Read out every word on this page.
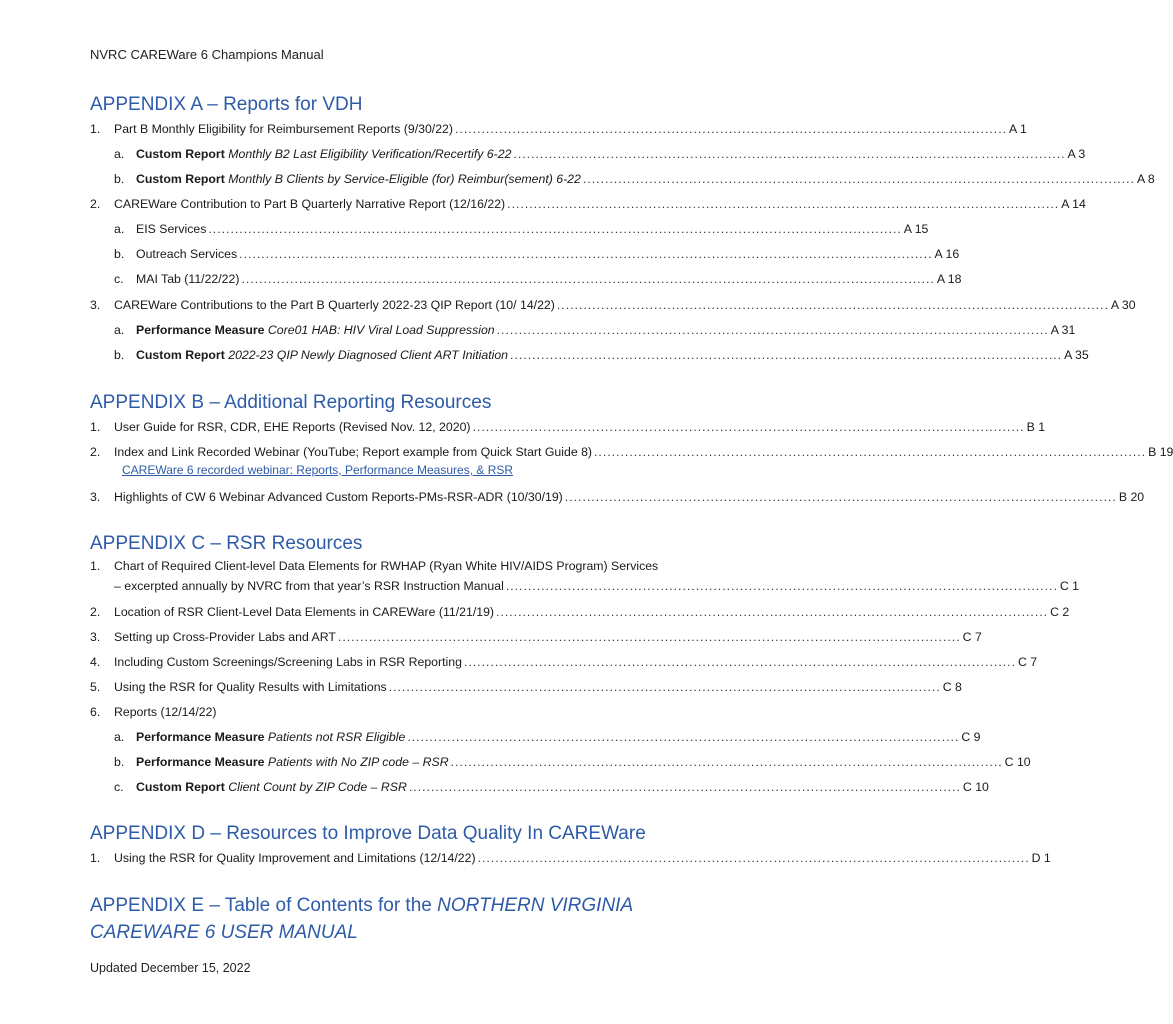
NVRC CAREWare 6 Champions Manual
APPENDIX A – Reports for VDH
1.	Part B Monthly Eligibility for Reimbursement Reports (9/30/22) ............................................................................................................................. A 1
a. Custom Report Monthly B2 Last Eligibility Verification/Recertify 6-22 ............................................................................................................................. A 3
b. Custom Report Monthly B Clients by Service-Eligible (for) Reimbur(sement) 6-22 ............................................................................................................................. A 8
2.	CAREWare Contribution to Part B Quarterly Narrative Report (12/16/22) ............................................................................................................................. A 14
a. EIS Services ............................................................................................................................................................. A 15
b. Outreach Services ............................................................................................................................................................. A 16
c.	MAI Tab (11/22/22) ............................................................................................................................................................. A 18
3.	CAREWare Contributions to the Part B Quarterly 2022-23 QIP Report (10/ 14/22) ............................................................................................................................. A 30
a. Performance Measure Core01 HAB: HIV Viral Load Suppression ............................................................................................................................. A 31
b. Custom Report 2022-23 QIP Newly Diagnosed Client ART Initiation ............................................................................................................................. A 35
APPENDIX B – Additional Reporting Resources
1.	User Guide for RSR, CDR, EHE Reports (Revised Nov. 12, 2020) ............................................................................................................................. B 1
2.	Index and Link Recorded Webinar (YouTube; Report example from Quick Start Guide 8) ............................................................................................................................. B 19
CAREWare 6 recorded webinar: Reports, Performance Measures, & RSR
3.	Highlights of CW 6 Webinar Advanced Custom Reports-PMs-RSR-ADR (10/30/19) ............................................................................................................................. B 20
APPENDIX C – RSR Resources
1.	Chart of Required Client-level Data Elements for RWHAP (Ryan White HIV/AIDS Program) Services
– excerpted annually by NVRC from that year’s RSR Instruction Manual ............................................................................................................................. C 1
2.	Location of RSR Client-Level Data Elements in CAREWare (11/21/19) ............................................................................................................................. C 2
3.	Setting up Cross-Provider Labs and ART ............................................................................................................................................. C 7
4.	Including Custom Screenings/Screening Labs in RSR Reporting ............................................................................................................................. C 7
5.	Using the RSR for Quality Results with Limitations ............................................................................................................................. C 8
6.	Reports (12/14/22)
a. Performance Measure Patients not RSR Eligible ............................................................................................................................. C 9
b. Performance Measure Patients with No ZIP code – RSR ............................................................................................................................. C 10
c.	Custom Report Client Count by ZIP Code – RSR ............................................................................................................................. C 10
APPENDIX D – Resources to Improve Data Quality In CAREWare
1.	Using the RSR for Quality Improvement and Limitations (12/14/22) ............................................................................................................................. D 1
APPENDIX E – Table of Contents for the NORTHERN VIRGINIA
CAREWARE 6 USER MANUAL
Updated December 15, 2022
